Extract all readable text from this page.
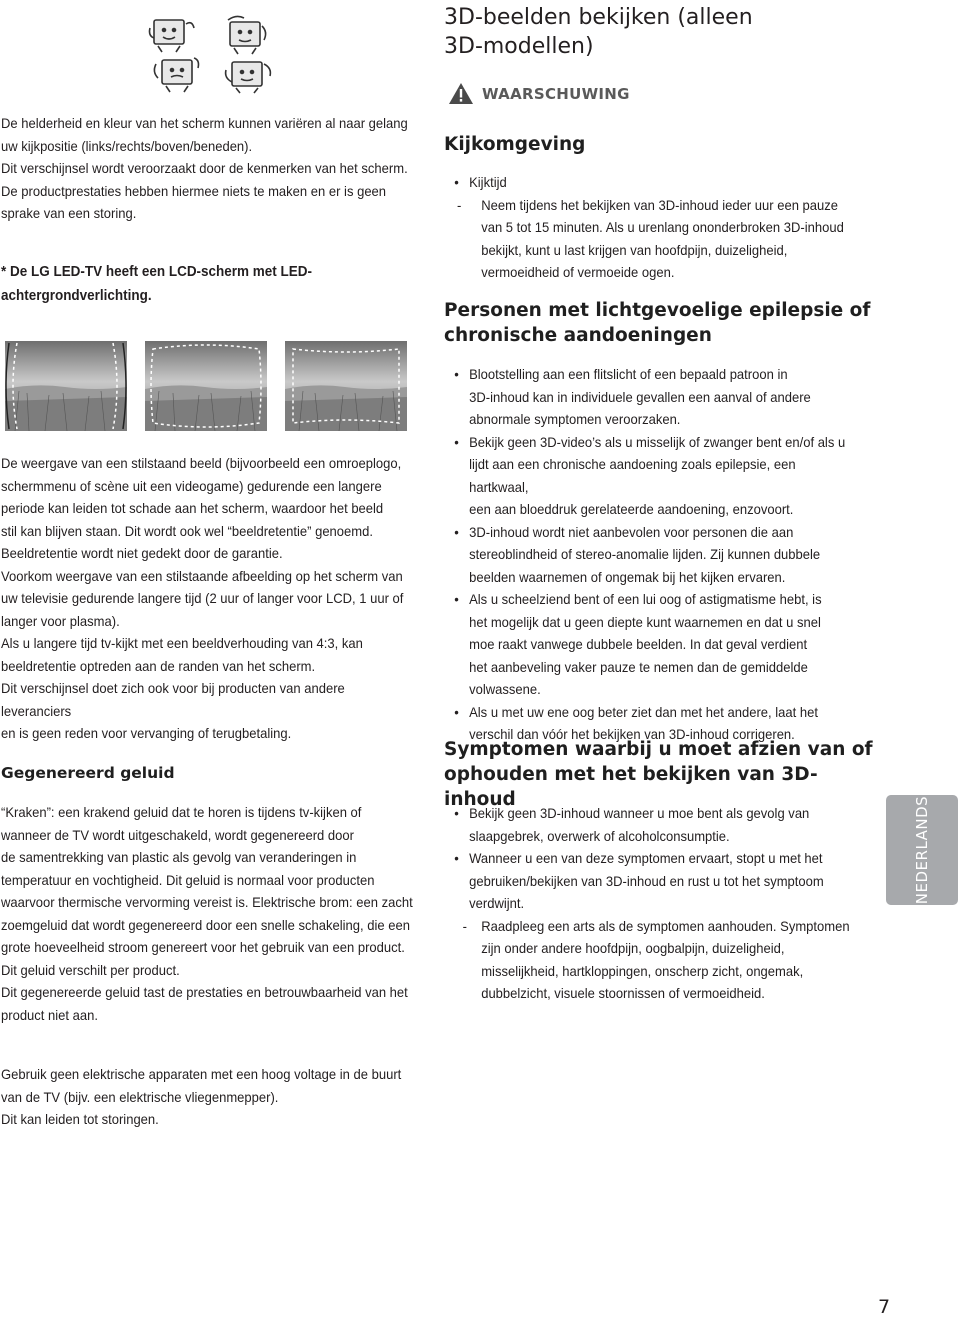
De helderheid en kleur van het scherm kunnen variëren al naar gelang
uw kijkpositie (links/rechts/boven/beneden).
Dit verschijnsel wordt veroorzaakt door de kenmerken van het scherm.
De productprestaties hebben hiermee niets te maken en er is geen
sprake van een storing.
* De LG LED-TV heeft een LCD-scherm met LED-
achtergrondverlichting.
De weergave van een stilstaand beeld (bijvoorbeeld een omroeplogo,
schermmenu of scène uit een videogame) gedurende een langere
periode kan leiden tot schade aan het scherm, waardoor het beeld
stil kan blijven staan. Dit wordt ook wel “beeldretentie” genoemd.
Beeldretentie wordt niet gedekt door de garantie.
Voorkom weergave van een stilstaande afbeelding op het scherm van
uw televisie gedurende langere tijd (2 uur of langer voor LCD, 1 uur of
langer voor plasma).
Als u langere tijd tv-kijkt met een beeldverhouding van 4:3, kan
beeldretentie optreden aan de randen van het scherm.
Dit verschijnsel doet zich ook voor bij producten van andere leveranciers
en is geen reden voor vervanging of terugbetaling.
Gegenereerd geluid
“Kraken”: een krakend geluid dat te horen is tijdens tv-kijken of
wanneer de TV wordt uitgeschakeld, wordt gegenereerd door
de samentrekking van plastic als gevolg van veranderingen in
temperatuur en vochtigheid. Dit geluid is normaal voor producten
waarvoor thermische vervorming vereist is. Elektrische brom: een zacht
zoemgeluid dat wordt gegenereerd door een snelle schakeling, die een
grote hoeveelheid stroom genereert voor het gebruik van een product.
Dit geluid verschilt per product.
Dit gegenereerde geluid tast de prestaties en betrouwbaarheid van het
product niet aan.
Gebruik geen elektrische apparaten met een hoog voltage in de buurt
van de TV (bijv. een elektrische vliegenmepper).
Dit kan leiden tot storingen.
3D-beelden bekijken (alleen
3D-modellen)
WAARSCHUWING
Kijkomgeving
• Kijktijd
- Neem tijdens het bekijken van 3D-inhoud ieder uur een pauze
van 5 tot 15 minuten. Als u urenlang ononderbroken 3D-inhoud
bekijkt, kunt u last krijgen van hoofdpijn, duizeligheid,
vermoeidheid of vermoeide ogen.
Personen met lichtgevoelige epilepsie of
chronische aandoeningen
• Blootstelling aan een flitslicht of een bepaald patroon in
3D-inhoud kan in individuele gevallen een aanval of andere
abnormale symptomen veroorzaken.
• Bekijk geen 3D-video’s als u misselijk of zwanger bent en/of als u
lijdt aan een chronische aandoening zoals epilepsie, een hartkwaal,
een aan bloeddruk gerelateerde aandoening, enzovoort.
• 3D-inhoud wordt niet aanbevolen voor personen die aan
stereoblindheid of stereo-anomalie lijden. Zij kunnen dubbele
beelden waarnemen of ongemak bij het kijken ervaren.
• Als u scheelziend bent of een lui oog of astigmatisme hebt, is
het mogelijk dat u geen diepte kunt waarnemen en dat u snel
moe raakt vanwege dubbele beelden. In dat geval verdient
het aanbeveling vaker pauze te nemen dan de gemiddelde
volwassene.
• Als u met uw ene oog beter ziet dan met het andere, laat het
verschil dan vóór het bekijken van 3D-inhoud corrigeren.
Symptomen waarbij u moet afzien van of
ophouden met het bekijken van 3D-inhoud
• Bekijk geen 3D-inhoud wanneer u moe bent als gevolg van
slaapgebrek, overwerk of alcoholconsumptie.
• Wanneer u een van deze symptomen ervaart, stopt u met het
gebruiken/bekijken van 3D-inhoud en rust u tot het symptoom
verdwijnt.
- Raadpleeg een arts als de symptomen aanhouden. Symptomen
zijn onder andere hoofdpijn, oogbalpijn, duizeligheid,
misselijkheid, hartkloppingen, onscherp zicht, ongemak,
dubbelzicht, visuele stoornissen of vermoeidheid.
NEDERLANDS
7
